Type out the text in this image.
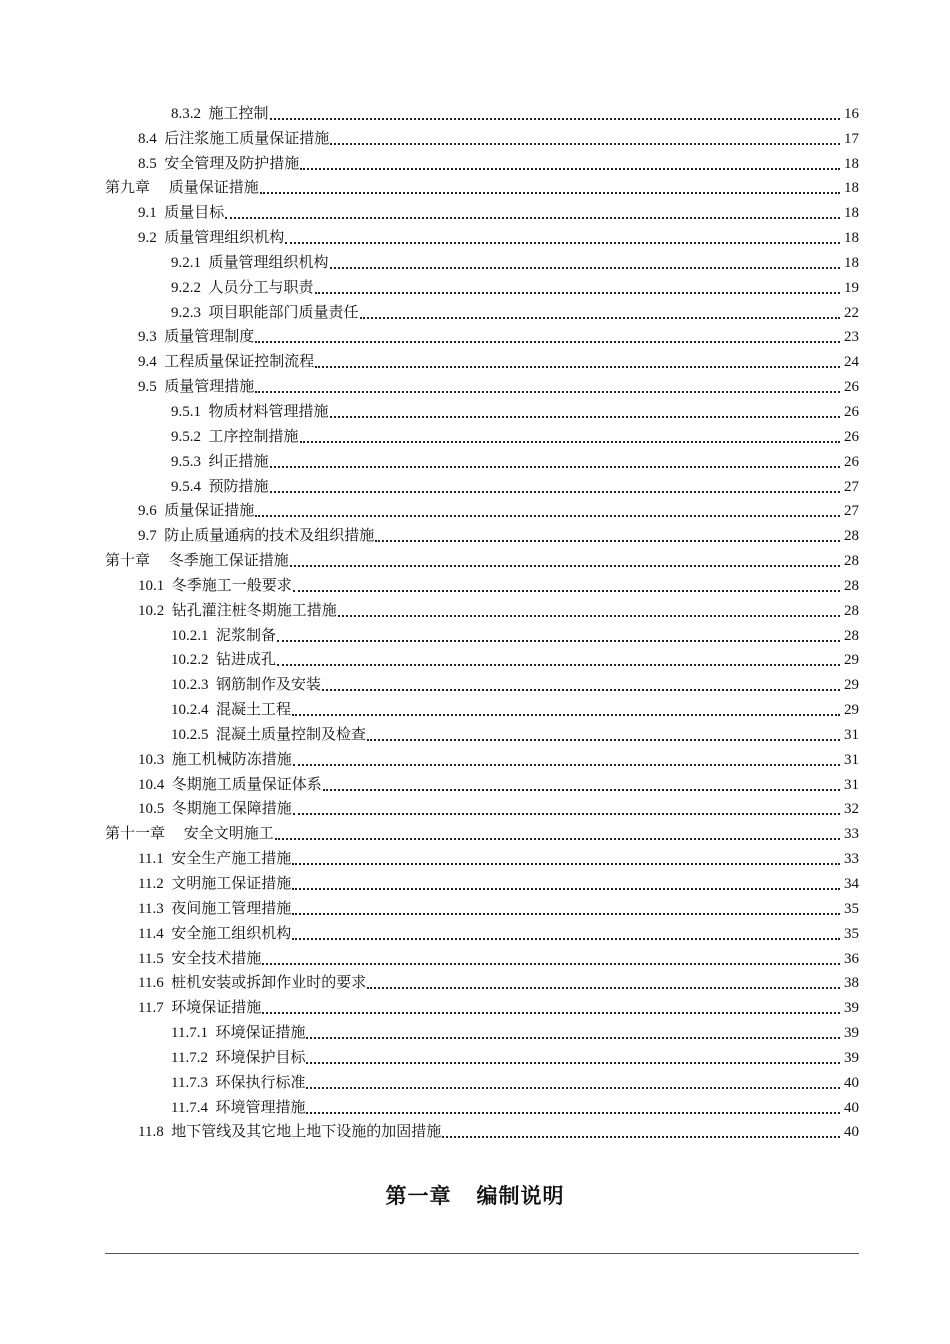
8.3.2 施工控制	16
8.4 后注浆施工质量保证措施	17
8.5 安全管理及防护措施	18
第九章　 质量保证措施	18
9.1 质量目标	18
9.2 质量管理组织机构	18
9.2.1 质量管理组织机构	18
9.2.2 人员分工与职责	19
9.2.3 项目职能部门质量责任	22
9.3 质量管理制度	23
9.4 工程质量保证控制流程	24
9.5 质量管理措施	26
9.5.1 物质材料管理措施	26
9.5.2 工序控制措施	26
9.5.3 纠正措施	26
9.5.4 预防措施	27
9.6 质量保证措施	27
9.7 防止质量通病的技术及组织措施	28
第十章　 冬季施工保证措施	28
10.1 冬季施工一般要求	28
10.2 钻孔灌注桩冬期施工措施	28
10.2.1 泥浆制备	28
10.2.2 钻进成孔	29
10.2.3 钢筋制作及安装	29
10.2.4 混凝土工程	29
10.2.5 混凝土质量控制及检查	31
10.3 施工机械防冻措施	31
10.4 冬期施工质量保证体系	31
10.5 冬期施工保障措施	32
第十一章　 安全文明施工	33
11.1 安全生产施工措施	33
11.2 文明施工保证措施	34
11.3 夜间施工管理措施	35
11.4 安全施工组织机构	35
11.5 安全技术措施	36
11.6 桩机安装或拆卸作业时的要求	38
11.7 环境保证措施	39
11.7.1 环境保证措施	39
11.7.2 环境保护目标	39
11.7.3 环保执行标准	40
11.7.4 环境管理措施	40
11.8 地下管线及其它地上地下设施的加固措施	40
第一章    编制说明
